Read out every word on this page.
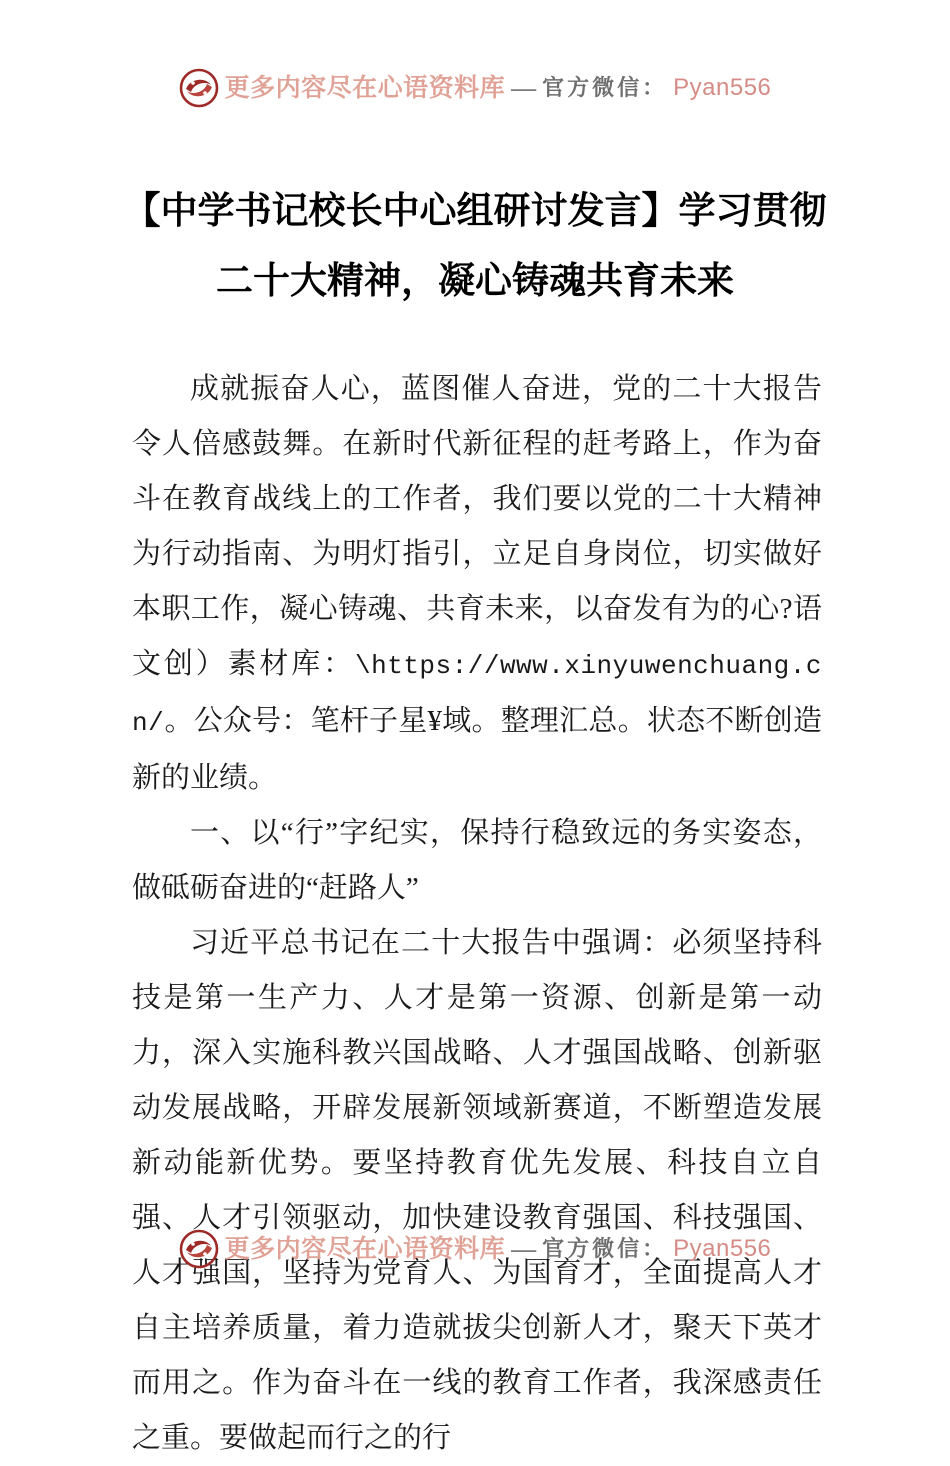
更多内容尽在心语资料库 — 官方微信： Pyan556
【中学书记校长中心组研讨发言】学习贯彻
二十大精神，凝心铸魂共育未来

成就振奋人心，蓝图催人奋进，党的二十大报告令人倍感鼓舞。在新时代新征程的赶考路上，作为奋斗在教育战线上的工作者，我们要以党的二十大精神为行动指南、为明灯指引，立足自身岗位，切实做好本职工作，凝心铸魂、共育未来，以奋发有为的心?语文创）素材库：\https://www.xinyuwenchuang.cn/。公众号：笔杆子星¥域。整理汇总。状态不断创造新的业绩。

一、以“行”字纪实，保持行稳致远的务实姿态，做砥砺奋进的“赶路人”

习近平总书记在二十大报告中强调：必须坚持科技是第一生产力、人才是第一资源、创新是第一动力，深入实施科教兴国战略、人才强国战略、创新驱动发展战略，开辟发展新领域新赛道，不断塑造发展新动能新优势。要坚持教育优先发展、科技自立自强、人才引领驱动，加快建设教育强国、科技强国、人才强国，坚持为党育人、为国育才，全面提高人才自主培养质量，着力造就拔尖创新人才，聚天下英才而用之。作为奋斗在一线的教育工作者，我深感责任之重。要做起而行之的行

更多内容尽在心语资料库 — 官方微信： Pyan556
